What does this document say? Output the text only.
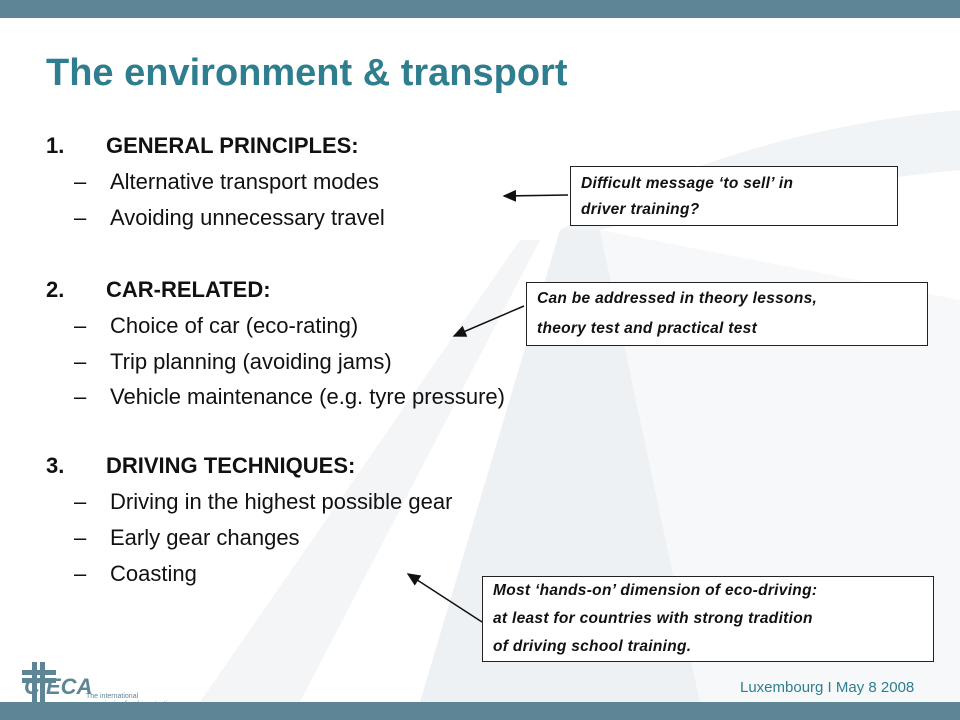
The environment & transport
1.	GENERAL PRINCIPLES:
–	Alternative transport modes
–	Avoiding unnecessary travel
2.	CAR-RELATED:
–	Choice of car (eco-rating)
–	Trip planning (avoiding jams)
–	Vehicle maintenance (e.g. tyre pressure)
3.	DRIVING TECHNIQUES:
–	Driving in the highest possible gear
–	Early gear changes
–	Coasting
Difficult message ‘to sell’ in
driver training?
Can be addressed in theory lessons,
theory test and practical test
Most ‘hands-on’ dimension of eco-driving:
at least for countries with strong tradition
of driving school training.
CIECA
The international
Luxembourg I May 8 2008
